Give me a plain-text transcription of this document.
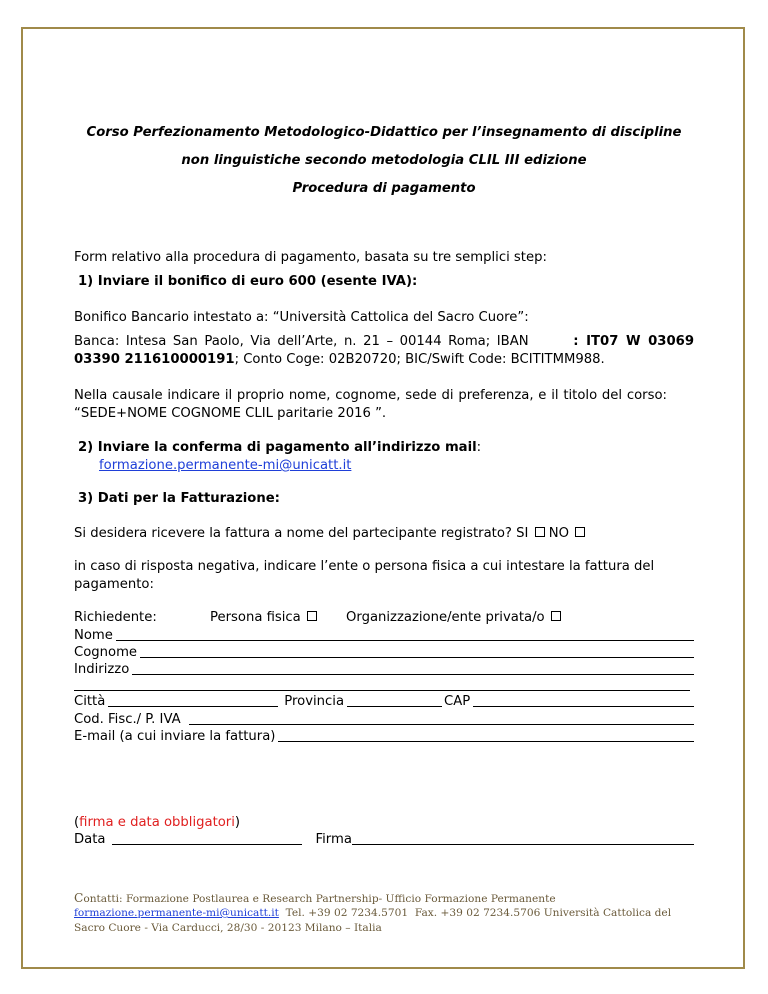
Corso Perfezionamento Metodologico-Didattico per l’insegnamento di discipline
non linguistiche secondo metodologia CLIL III edizione
Procedura di pagamento
Form relativo alla procedura di pagamento, basata su tre semplici step:
1) Inviare il bonifico di euro 600 (esente IVA):
Bonifico Bancario intestato a: “Università Cattolica del Sacro Cuore”:
Banca: Intesa San Paolo, Via dell’Arte, n. 21 – 00144 Roma; IBAN	: IT07 W 03069
03390 211610000191; Conto Coge: 02B20720; BIC/Swift Code: BCITITMM988.
Nella causale indicare il proprio nome, cognome, sede di preferenza, e il titolo del corso:
“SEDE+NOME COGNOME CLIL paritarie 2016 ”.
2) Inviare la conferma di pagamento all’indirizzo mail:
formazione.permanente-mi@unicatt.it
3) Dati per la Fatturazione:
Si desidera ricevere la fattura a nome del partecipante registrato? SI NO
in caso di risposta negativa, indicare l’ente o persona fisica a cui intestare la fattura del
pagamento:
Richiedente:	Persona fisica	Organizzazione/ente privata/o
Nome
Cognome
Indirizzo
Città	Provincia	CAP
Cod. Fisc./ P. IVA
E-mail (a cui inviare la fattura)
(firma e data obbligatori)
Data	Firma
Contatti: Formazione Postlaurea e Research Partnership- Ufficio Formazione Permanente
formazione.permanente-mi@unicatt.it  Tel. +39 02 7234.5701  Fax. +39 02 7234.5706 Università Cattolica del
Sacro Cuore - Via Carducci, 28/30 - 20123 Milano – Italia
